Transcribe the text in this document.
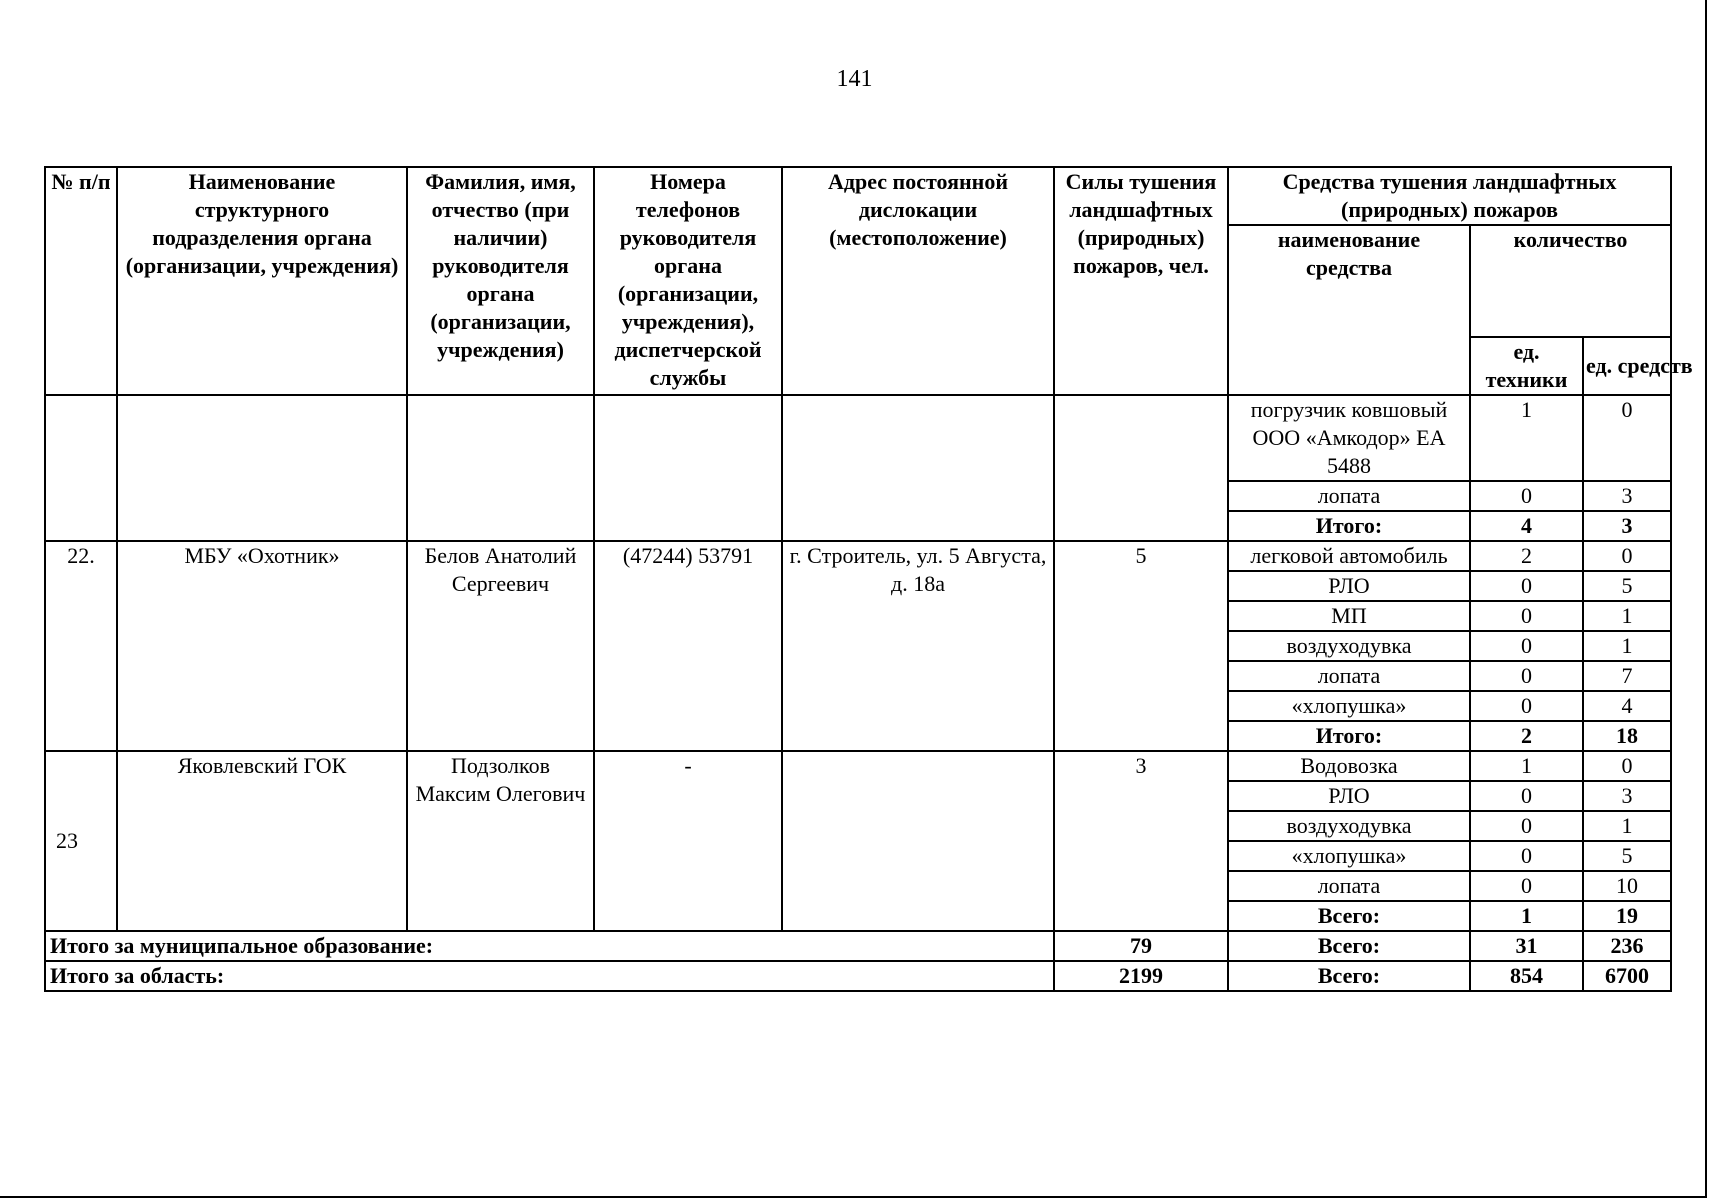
141
№ п/п	Наименование структурного подразделения органа (организации, учреждения)	Фамилия, имя, отчество (при наличии) руководителя органа (организации, учреждения)	Номера телефонов руководителя органа (организации, учреждения), диспетчерской службы	Адрес постоянной дислокации (местоположение)	Силы тушения ландшафтных (природных) пожаров, чел.	Средства тушения ландшафтных (природных) пожаров		
						наименование средства	количество	
							ед. техники	ед. средств
						погрузчик ковшовый ООО «Амкодор» ЕА 5488	1	0
						лопата	0	3
						Итого:	4	3
22.	МБУ «Охотник»	Белов Анатолий Сергеевич	(47244) 53791	г. Строитель, ул. 5 Августа, д. 18а	5	легковой автомобиль	2	0
						РЛО	0	5
						МП	0	1
						воздуходувка	0	1
						лопата	0	7
						«хлопушка»	0	4
						Итого:	2	18
23	Яковлевский ГОК	Подзолков Максим Олегович	-		3	Водовозка	1	0
						РЛО	0	3
						воздуходувка	0	1
						«хлопушка»	0	5
						лопата	0	10
						Всего:	1	19
Итого за муниципальное образование:					79	Всего:	31	236
Итого за область:					2199	Всего:	854	6700
